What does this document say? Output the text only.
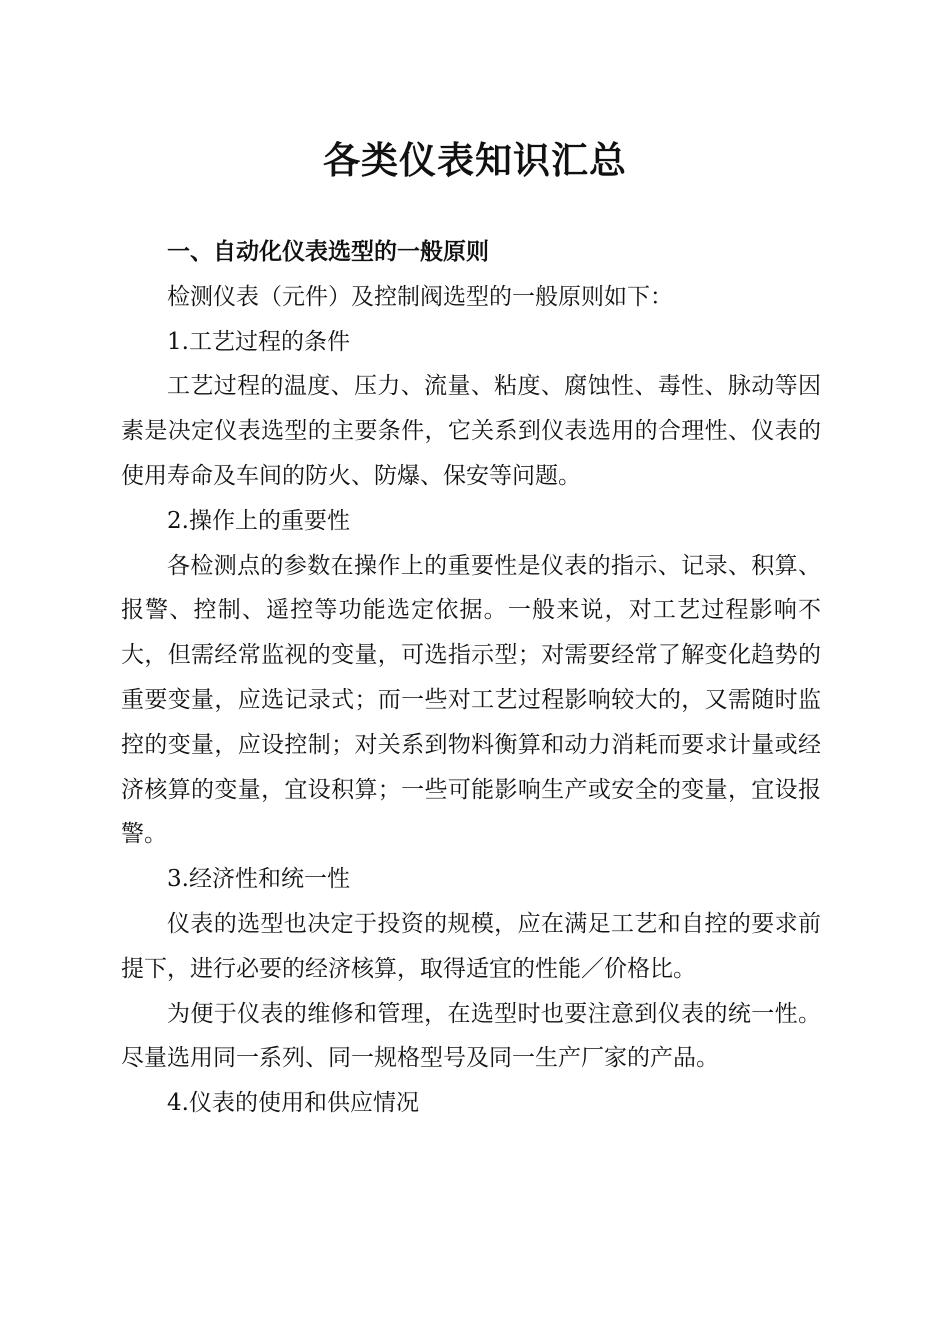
各类仪表知识汇总

一、自动化仪表选型的一般原则

检测仪表（元件）及控制阀选型的一般原则如下：

1.工艺过程的条件

工艺过程的温度、压力、流量、粘度、腐蚀性、毒性、脉动等因素是决定仪表选型的主要条件，它关系到仪表选用的合理性、仪表的使用寿命及车间的防火、防爆、保安等问题。

2.操作上的重要性

各检测点的参数在操作上的重要性是仪表的指示、记录、积算、报警、控制、遥控等功能选定依据。一般来说，对工艺过程影响不大，但需经常监视的变量，可选指示型；对需要经常了解变化趋势的重要变量，应选记录式；而一些对工艺过程影响较大的，又需随时监控的变量，应设控制；对关系到物料衡算和动力消耗而要求计量或经济核算的变量，宜设积算；一些可能影响生产或安全的变量，宜设报警。

3.经济性和统一性

仪表的选型也决定于投资的规模，应在满足工艺和自控的要求前提下，进行必要的经济核算，取得适宜的性能／价格比。

为便于仪表的维修和管理，在选型时也要注意到仪表的统一性。尽量选用同一系列、同一规格型号及同一生产厂家的产品。

4.仪表的使用和供应情况
